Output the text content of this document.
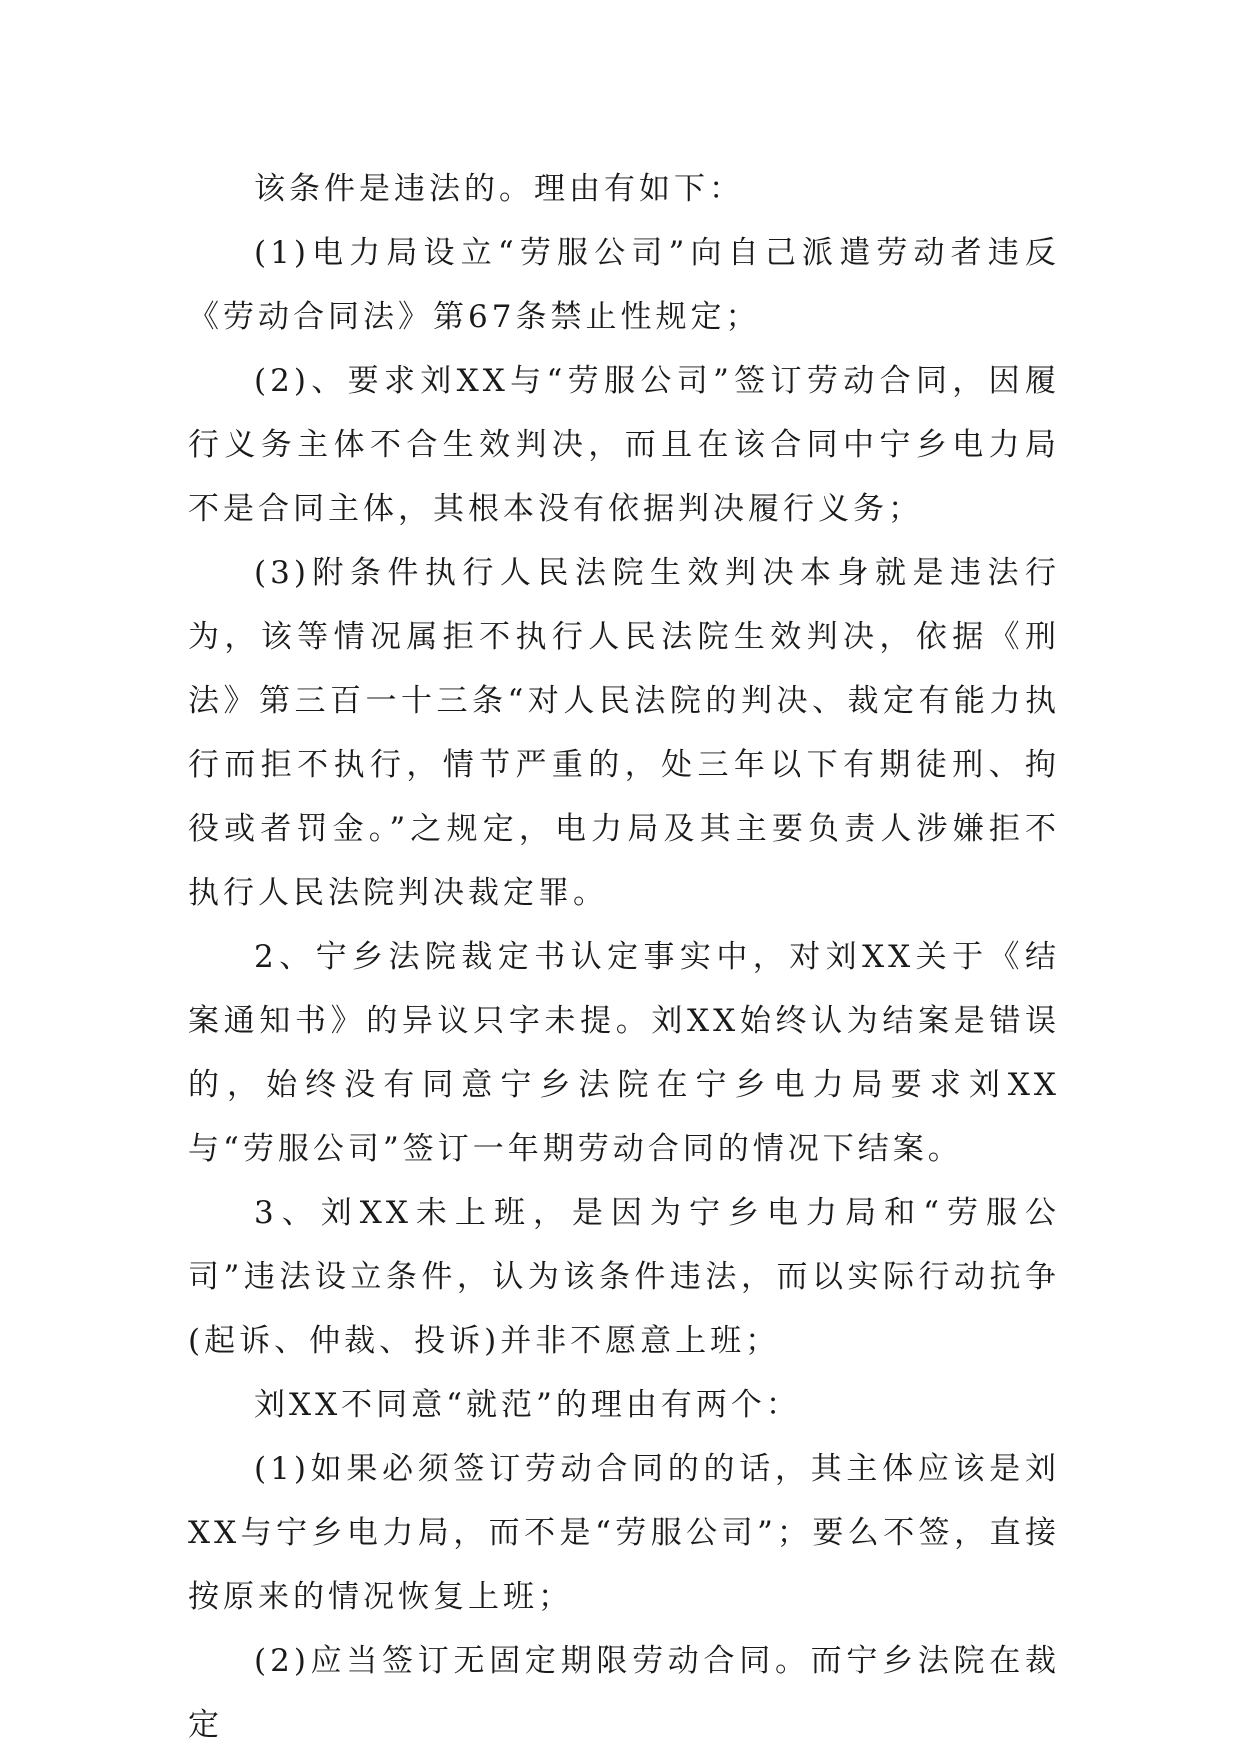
该条件是违法的。理由有如下：

(1)电力局设立“劳服公司”向自己派遣劳动者违反《劳动合同法》第67条禁止性规定；

(2)、要求刘XX与“劳服公司”签订劳动合同，因履行义务主体不合生效判决，而且在该合同中宁乡电力局不是合同主体，其根本没有依据判决履行义务；

(3)附条件执行人民法院生效判决本身就是违法行为，该等情况属拒不执行人民法院生效判决，依据《刑法》第三百一十三条“对人民法院的判决、裁定有能力执行而拒不执行，情节严重的，处三年以下有期徒刑、拘役或者罚金。”之规定，电力局及其主要负责人涉嫌拒不执行人民法院判决裁定罪。

2、宁乡法院裁定书认定事实中，对刘XX关于《结案通知书》的异议只字未提。刘XX始终认为结案是错误的，始终没有同意宁乡法院在宁乡电力局要求刘XX与“劳服公司”签订一年期劳动合同的情况下结案。

3、刘XX未上班，是因为宁乡电力局和“劳服公司”违法设立条件，认为该条件违法，而以实际行动抗争(起诉、仲裁、投诉)并非不愿意上班；

刘XX不同意“就范”的理由有两个：

(1)如果必须签订劳动合同的的话，其主体应该是刘XX与宁乡电力局，而不是“劳服公司”；要么不签，直接按原来的情况恢复上班；

(2)应当签订无固定期限劳动合同。而宁乡法院在裁定
